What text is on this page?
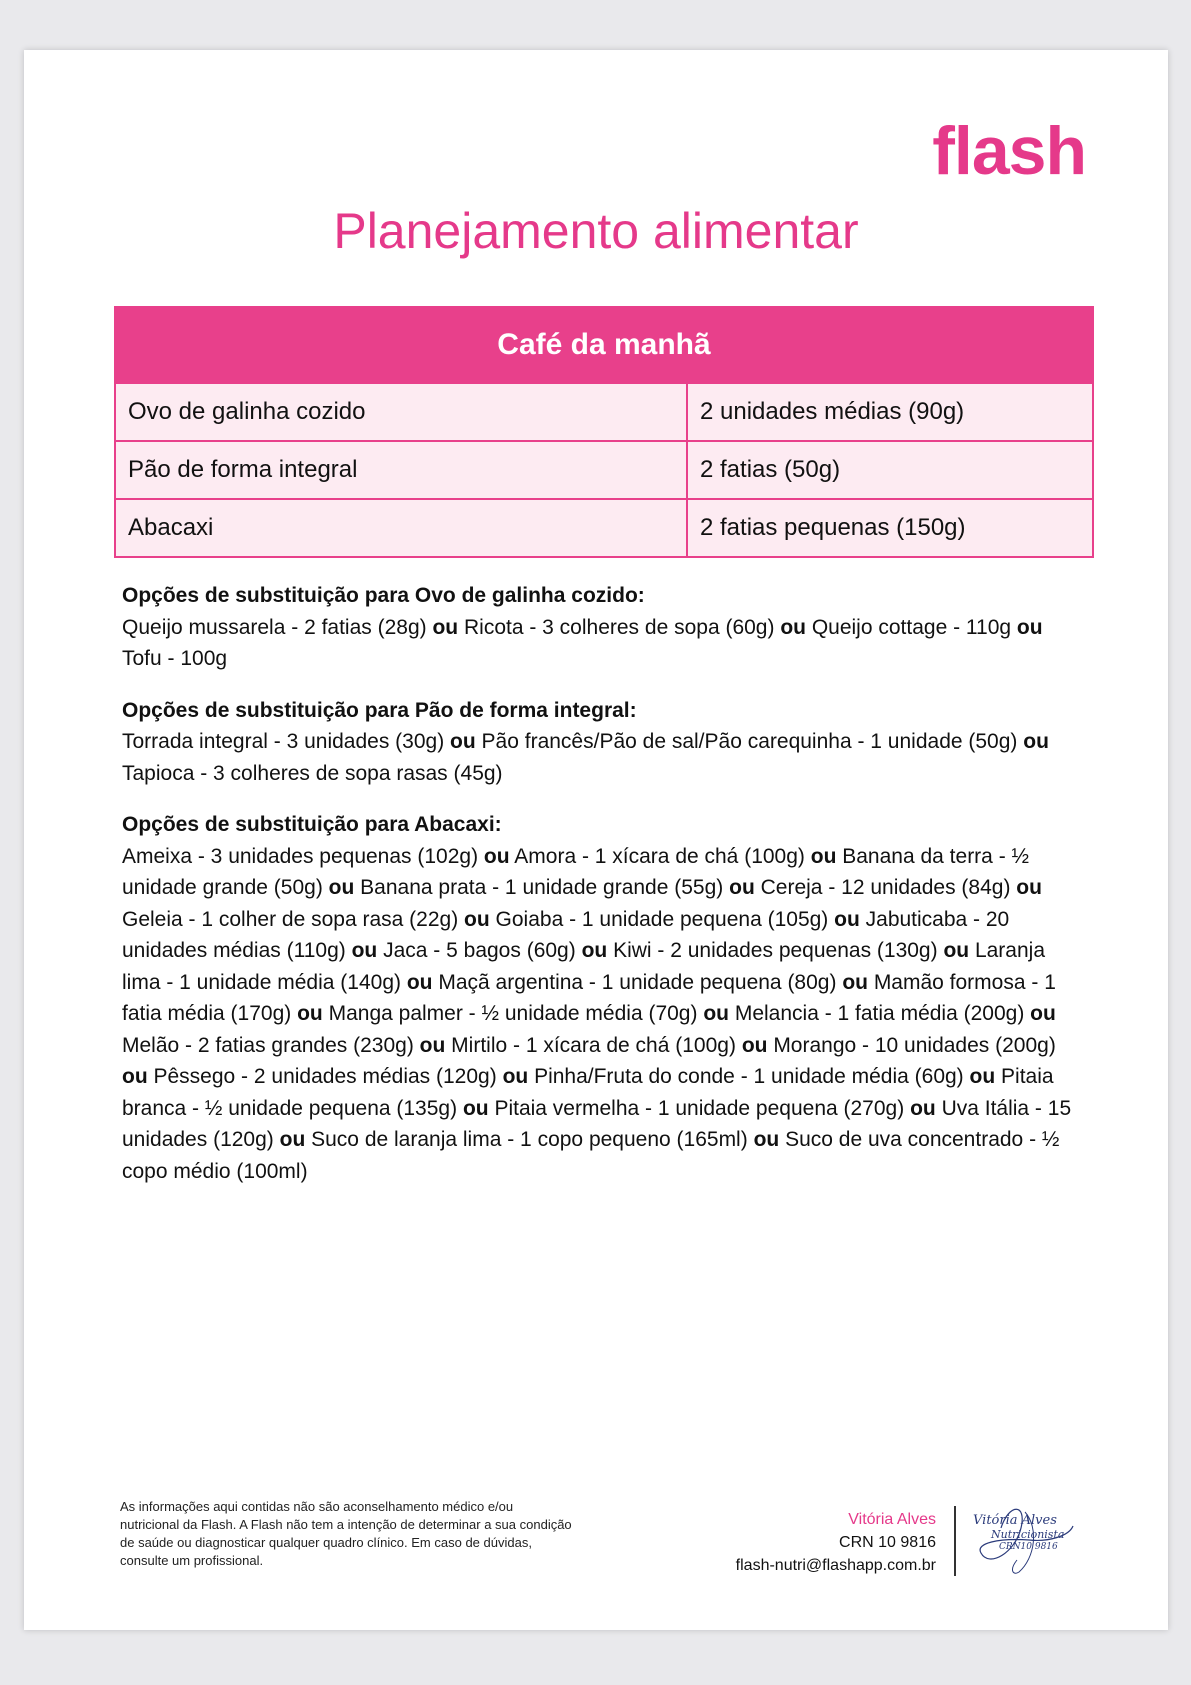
flash
Planejamento alimentar
Café da manhã	
Ovo de galinha cozido	2 unidades médias (90g)
Pão de forma integral	2 fatias (50g)
Abacaxi	2 fatias pequenas (150g)
Opções de substituição para Ovo de galinha cozido:
Queijo mussarela - 2 fatias (28g) ou Ricota - 3 colheres de sopa (60g) ou Queijo cottage - 110g ou Tofu - 100g
Opções de substituição para Pão de forma integral:
Torrada integral - 3 unidades (30g) ou Pão francês/Pão de sal/Pão carequinha - 1 unidade (50g) ou Tapioca - 3 colheres de sopa rasas (45g)
Opções de substituição para Abacaxi:
Ameixa - 3 unidades pequenas (102g) ou Amora - 1 xícara de chá (100g) ou Banana da terra - ½ unidade grande (50g) ou Banana prata - 1 unidade grande (55g) ou Cereja - 12 unidades (84g) ou Geleia - 1 colher de sopa rasa (22g) ou Goiaba - 1 unidade pequena (105g) ou Jabuticaba - 20 unidades médias (110g) ou Jaca - 5 bagos (60g) ou Kiwi - 2 unidades pequenas (130g) ou Laranja lima - 1 unidade média (140g) ou Maçã argentina - 1 unidade pequena (80g) ou Mamão formosa - 1 fatia média (170g) ou Manga palmer - ½ unidade média (70g) ou Melancia - 1 fatia média (200g) ou Melão - 2 fatias grandes (230g) ou Mirtilo - 1 xícara de chá (100g) ou Morango - 10 unidades (200g) ou Pêssego - 2 unidades médias (120g) ou Pinha/Fruta do conde - 1 unidade média (60g) ou Pitaia branca - ½ unidade pequena (135g) ou Pitaia vermelha - 1 unidade pequena (270g) ou Uva Itália - 15 unidades (120g) ou Suco de laranja lima - 1 copo pequeno (165ml) ou Suco de uva concentrado - ½ copo médio (100ml)
As informações aqui contidas não são aconselhamento médico e/ou nutricional da Flash. A Flash não tem a intenção de determinar a sua condição de saúde ou diagnosticar qualquer quadro clínico. Em caso de dúvidas, consulte um profissional.
Vitória Alves
CRN 10 9816
flash-nutri@flashapp.com.br
Vitória Alves
Nutricionista
CRN10 9816
